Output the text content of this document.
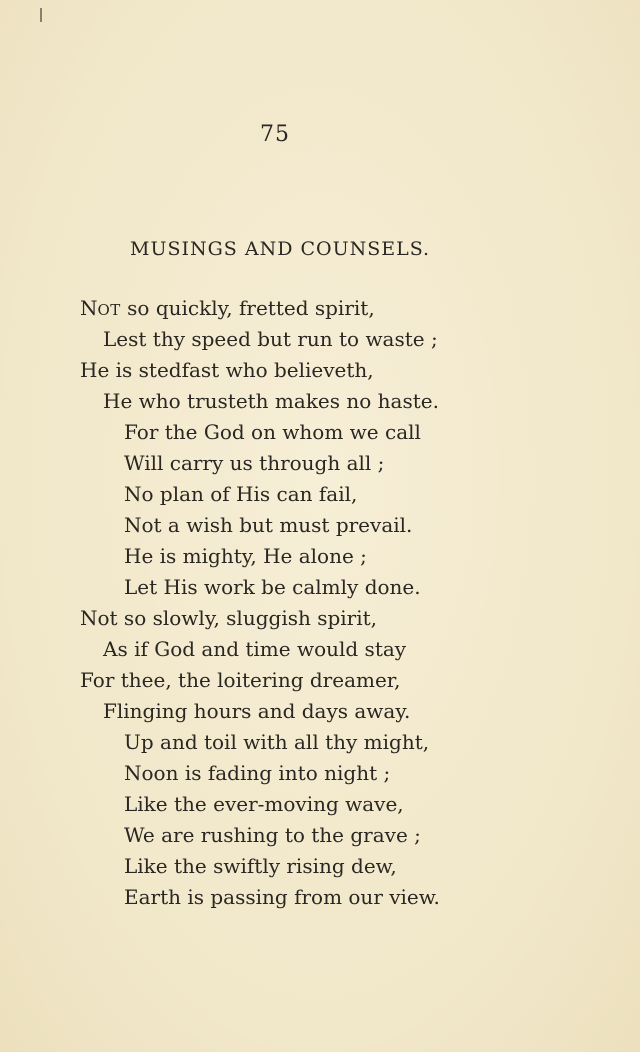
75
MUSINGS AND COUNSELS.
NOT so quickly, fretted spirit,
Lest thy speed but run to waste ;
He is stedfast who believeth,
He who trusteth makes no haste.
For the God on whom we call
Will carry us through all ;
No plan of His can fail,
Not a wish but must prevail.
He is mighty, He alone ;
Let His work be calmly done.
Not so slowly, sluggish spirit,
As if God and time would stay
For thee, the loitering dreamer,
Flinging hours and days away.
Up and toil with all thy might,
Noon is fading into night ;
Like the ever-moving wave,
We are rushing to the grave ;
Like the swiftly rising dew,
Earth is passing from our view.
